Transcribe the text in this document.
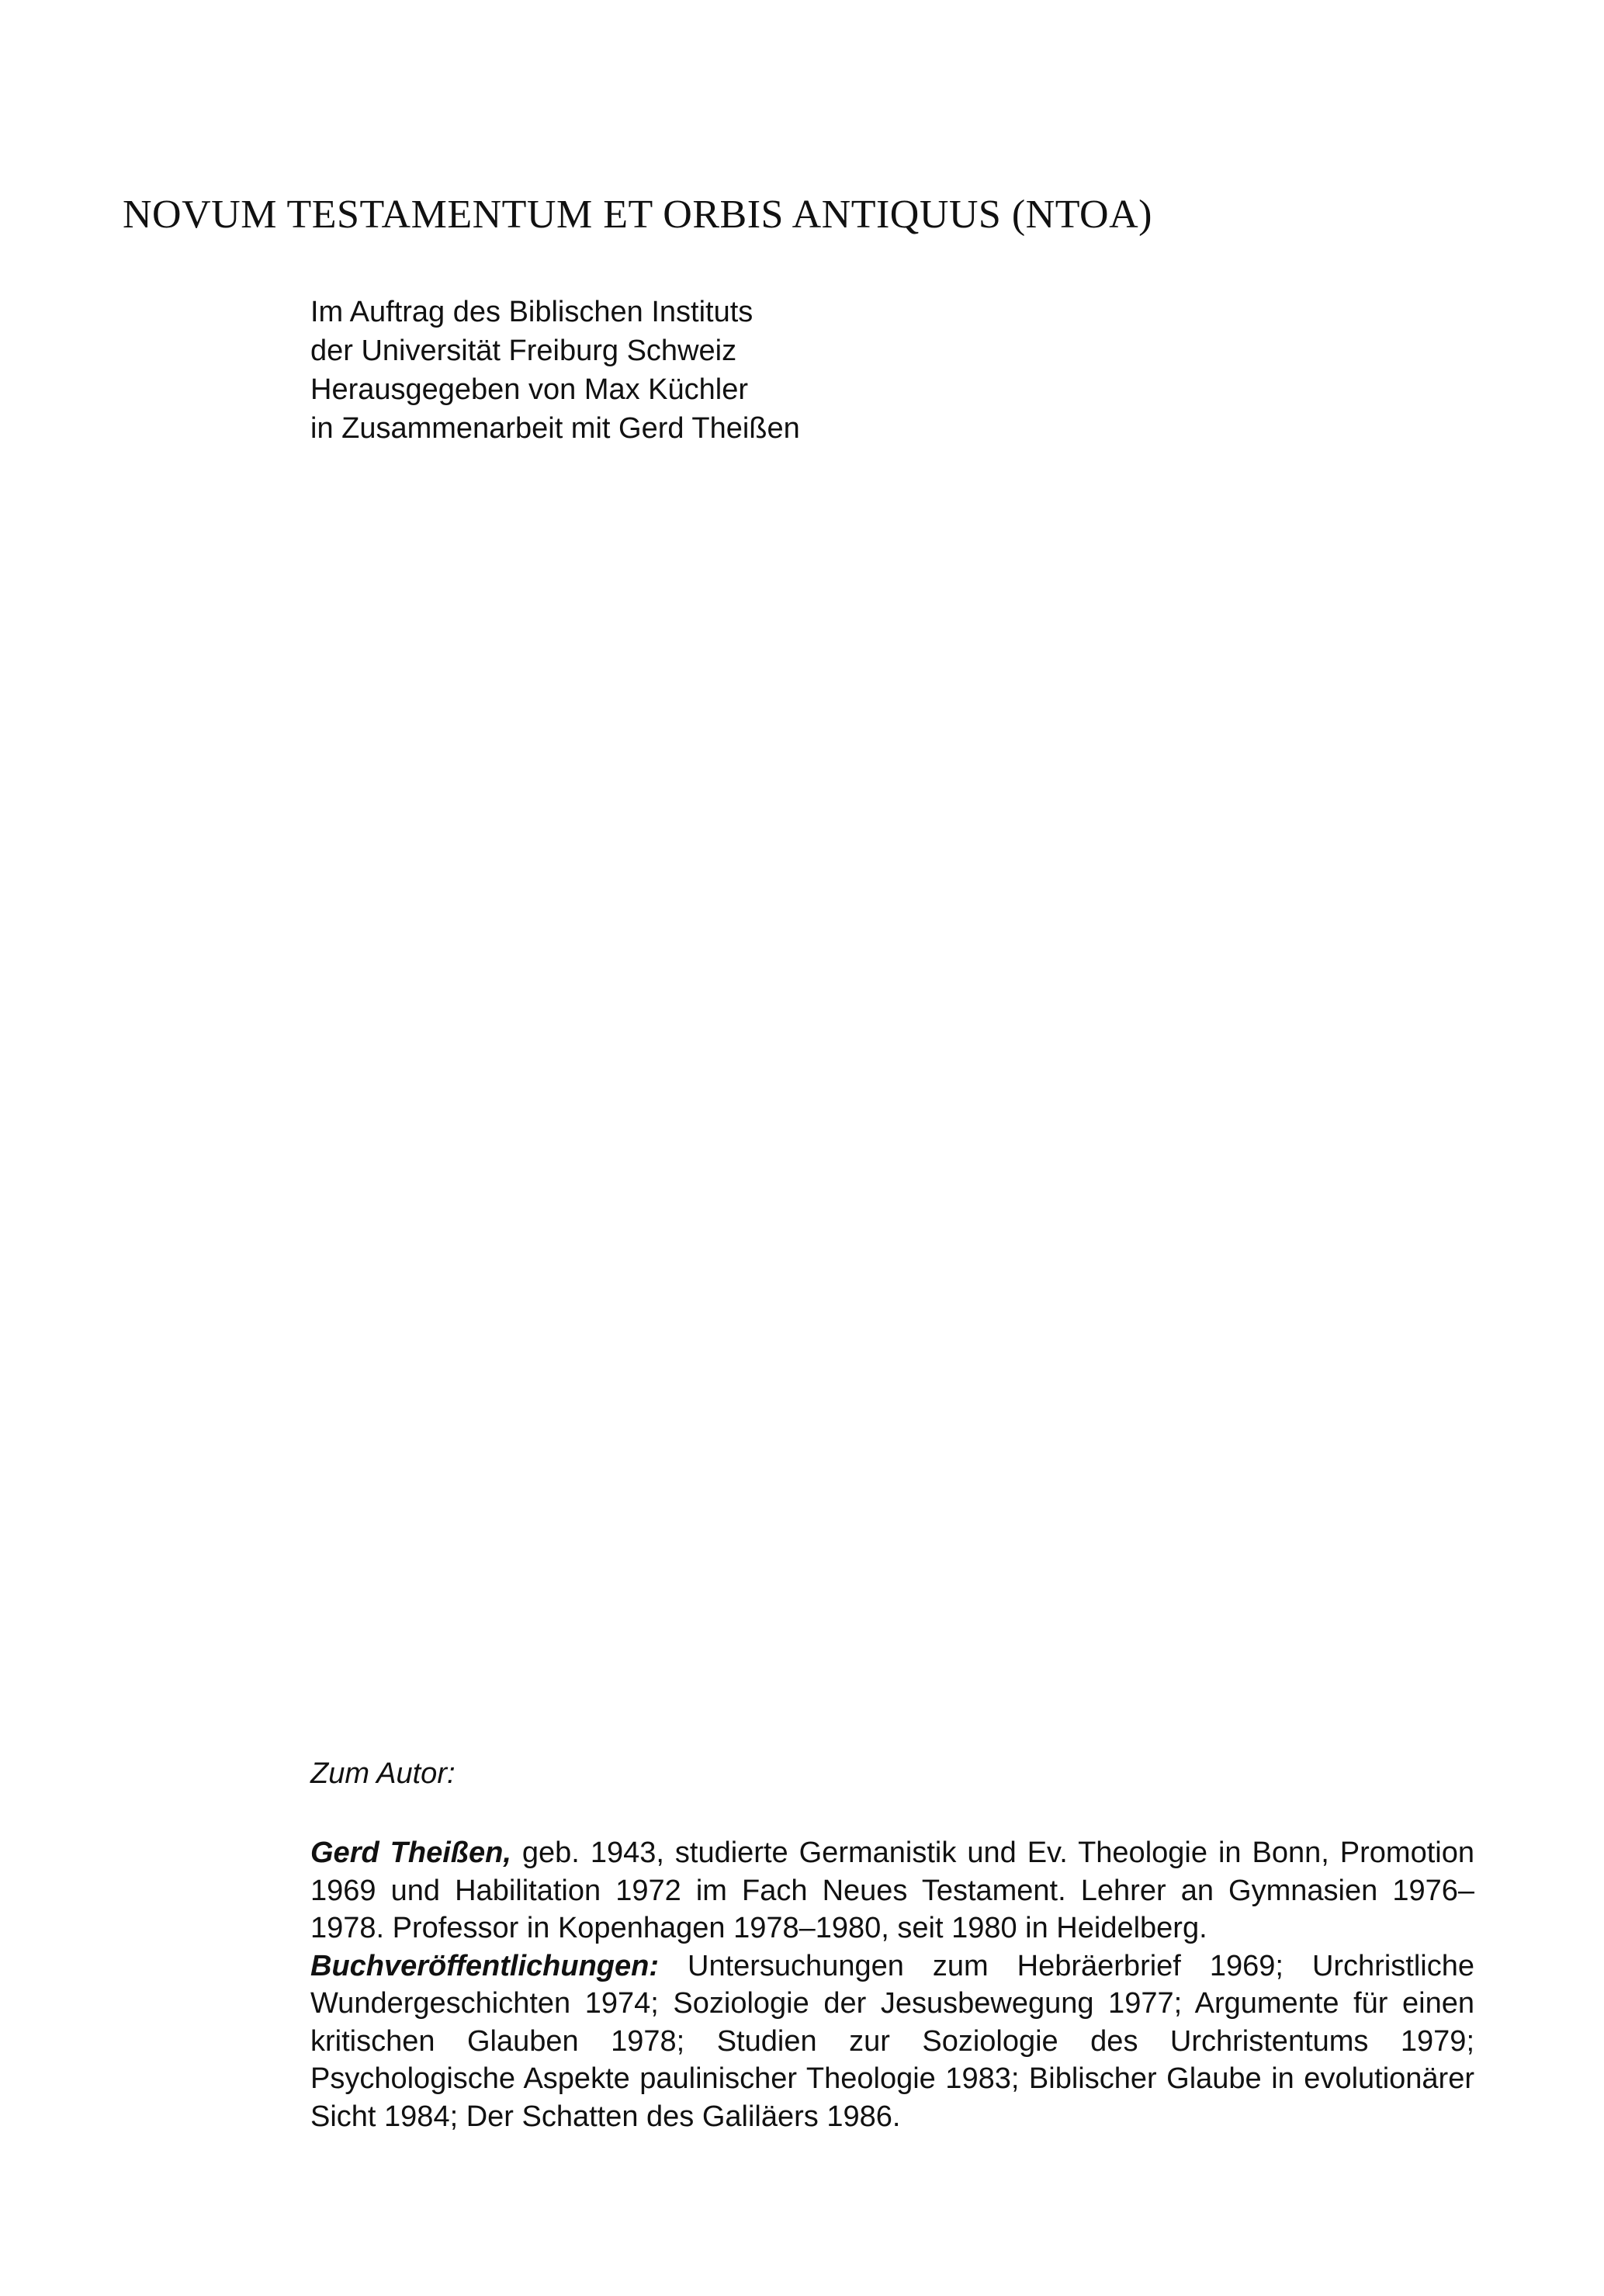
NOVUM TESTAMENTUM ET ORBIS ANTIQUUS (NTOA)
Im Auftrag des Biblischen Instituts
der Universität Freiburg Schweiz
Herausgegeben von Max Küchler
in Zusammenarbeit mit Gerd Theißen
Zum Autor:

Gerd Theißen, geb. 1943, studierte Germanistik und Ev. Theologie in Bonn, Promotion 1969 und Habilitation 1972 im Fach Neues Testament. Lehrer an Gymnasien 1976–1978. Professor in Kopenhagen 1978–1980, seit 1980 in Heidelberg.

Buchveröffentlichungen: Untersuchungen zum Hebräerbrief 1969; Urchristliche Wundergeschichten 1974; Soziologie der Jesusbewegung 1977; Argumente für einen kritischen Glauben 1978; Studien zur Soziologie des Urchristentums 1979; Psychologische Aspekte paulinischer Theologie 1983; Biblischer Glaube in evolutionärer Sicht 1984; Der Schatten des Galiläers 1986.
